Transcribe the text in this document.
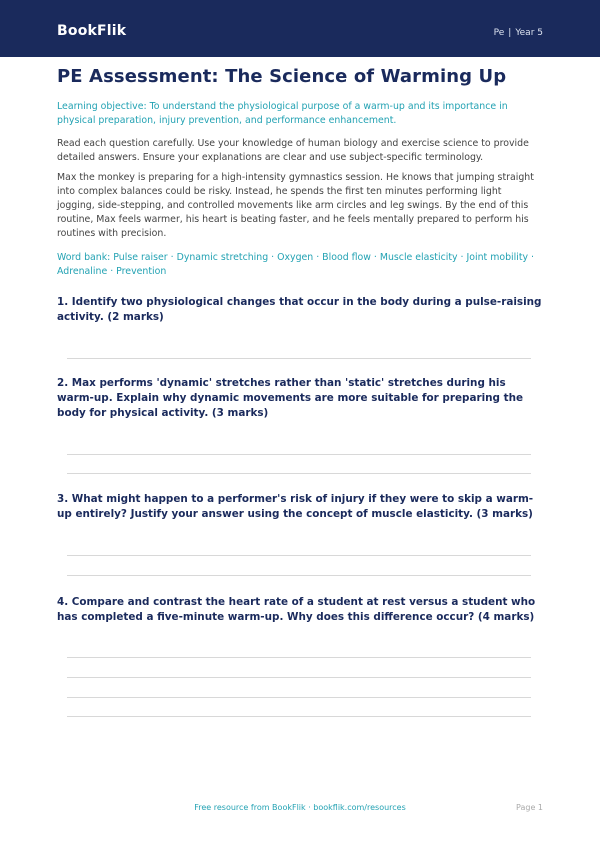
BookFlik	Pe | Year 5
PE Assessment: The Science of Warming Up
Learning objective: To understand the physiological purpose of a warm-up and its importance in physical preparation, injury prevention, and performance enhancement.
Read each question carefully. Use your knowledge of human biology and exercise science to provide detailed answers. Ensure your explanations are clear and use subject-specific terminology.
Max the monkey is preparing for a high-intensity gymnastics session. He knows that jumping straight into complex balances could be risky. Instead, he spends the first ten minutes performing light jogging, side-stepping, and controlled movements like arm circles and leg swings. By the end of this routine, Max feels warmer, his heart is beating faster, and he feels mentally prepared to perform his routines with precision.
Word bank: Pulse raiser · Dynamic stretching · Oxygen · Blood flow · Muscle elasticity · Joint mobility · Adrenaline · Prevention
1. Identify two physiological changes that occur in the body during a pulse-raising activity. (2 marks)
2. Max performs 'dynamic' stretches rather than 'static' stretches during his warm-up. Explain why dynamic movements are more suitable for preparing the body for physical activity. (3 marks)
3. What might happen to a performer's risk of injury if they were to skip a warm-up entirely? Justify your answer using the concept of muscle elasticity. (3 marks)
4. Compare and contrast the heart rate of a student at rest versus a student who has completed a five-minute warm-up. Why does this difference occur? (4 marks)
Free resource from BookFlik · bookflik.com/resources	Page 1
